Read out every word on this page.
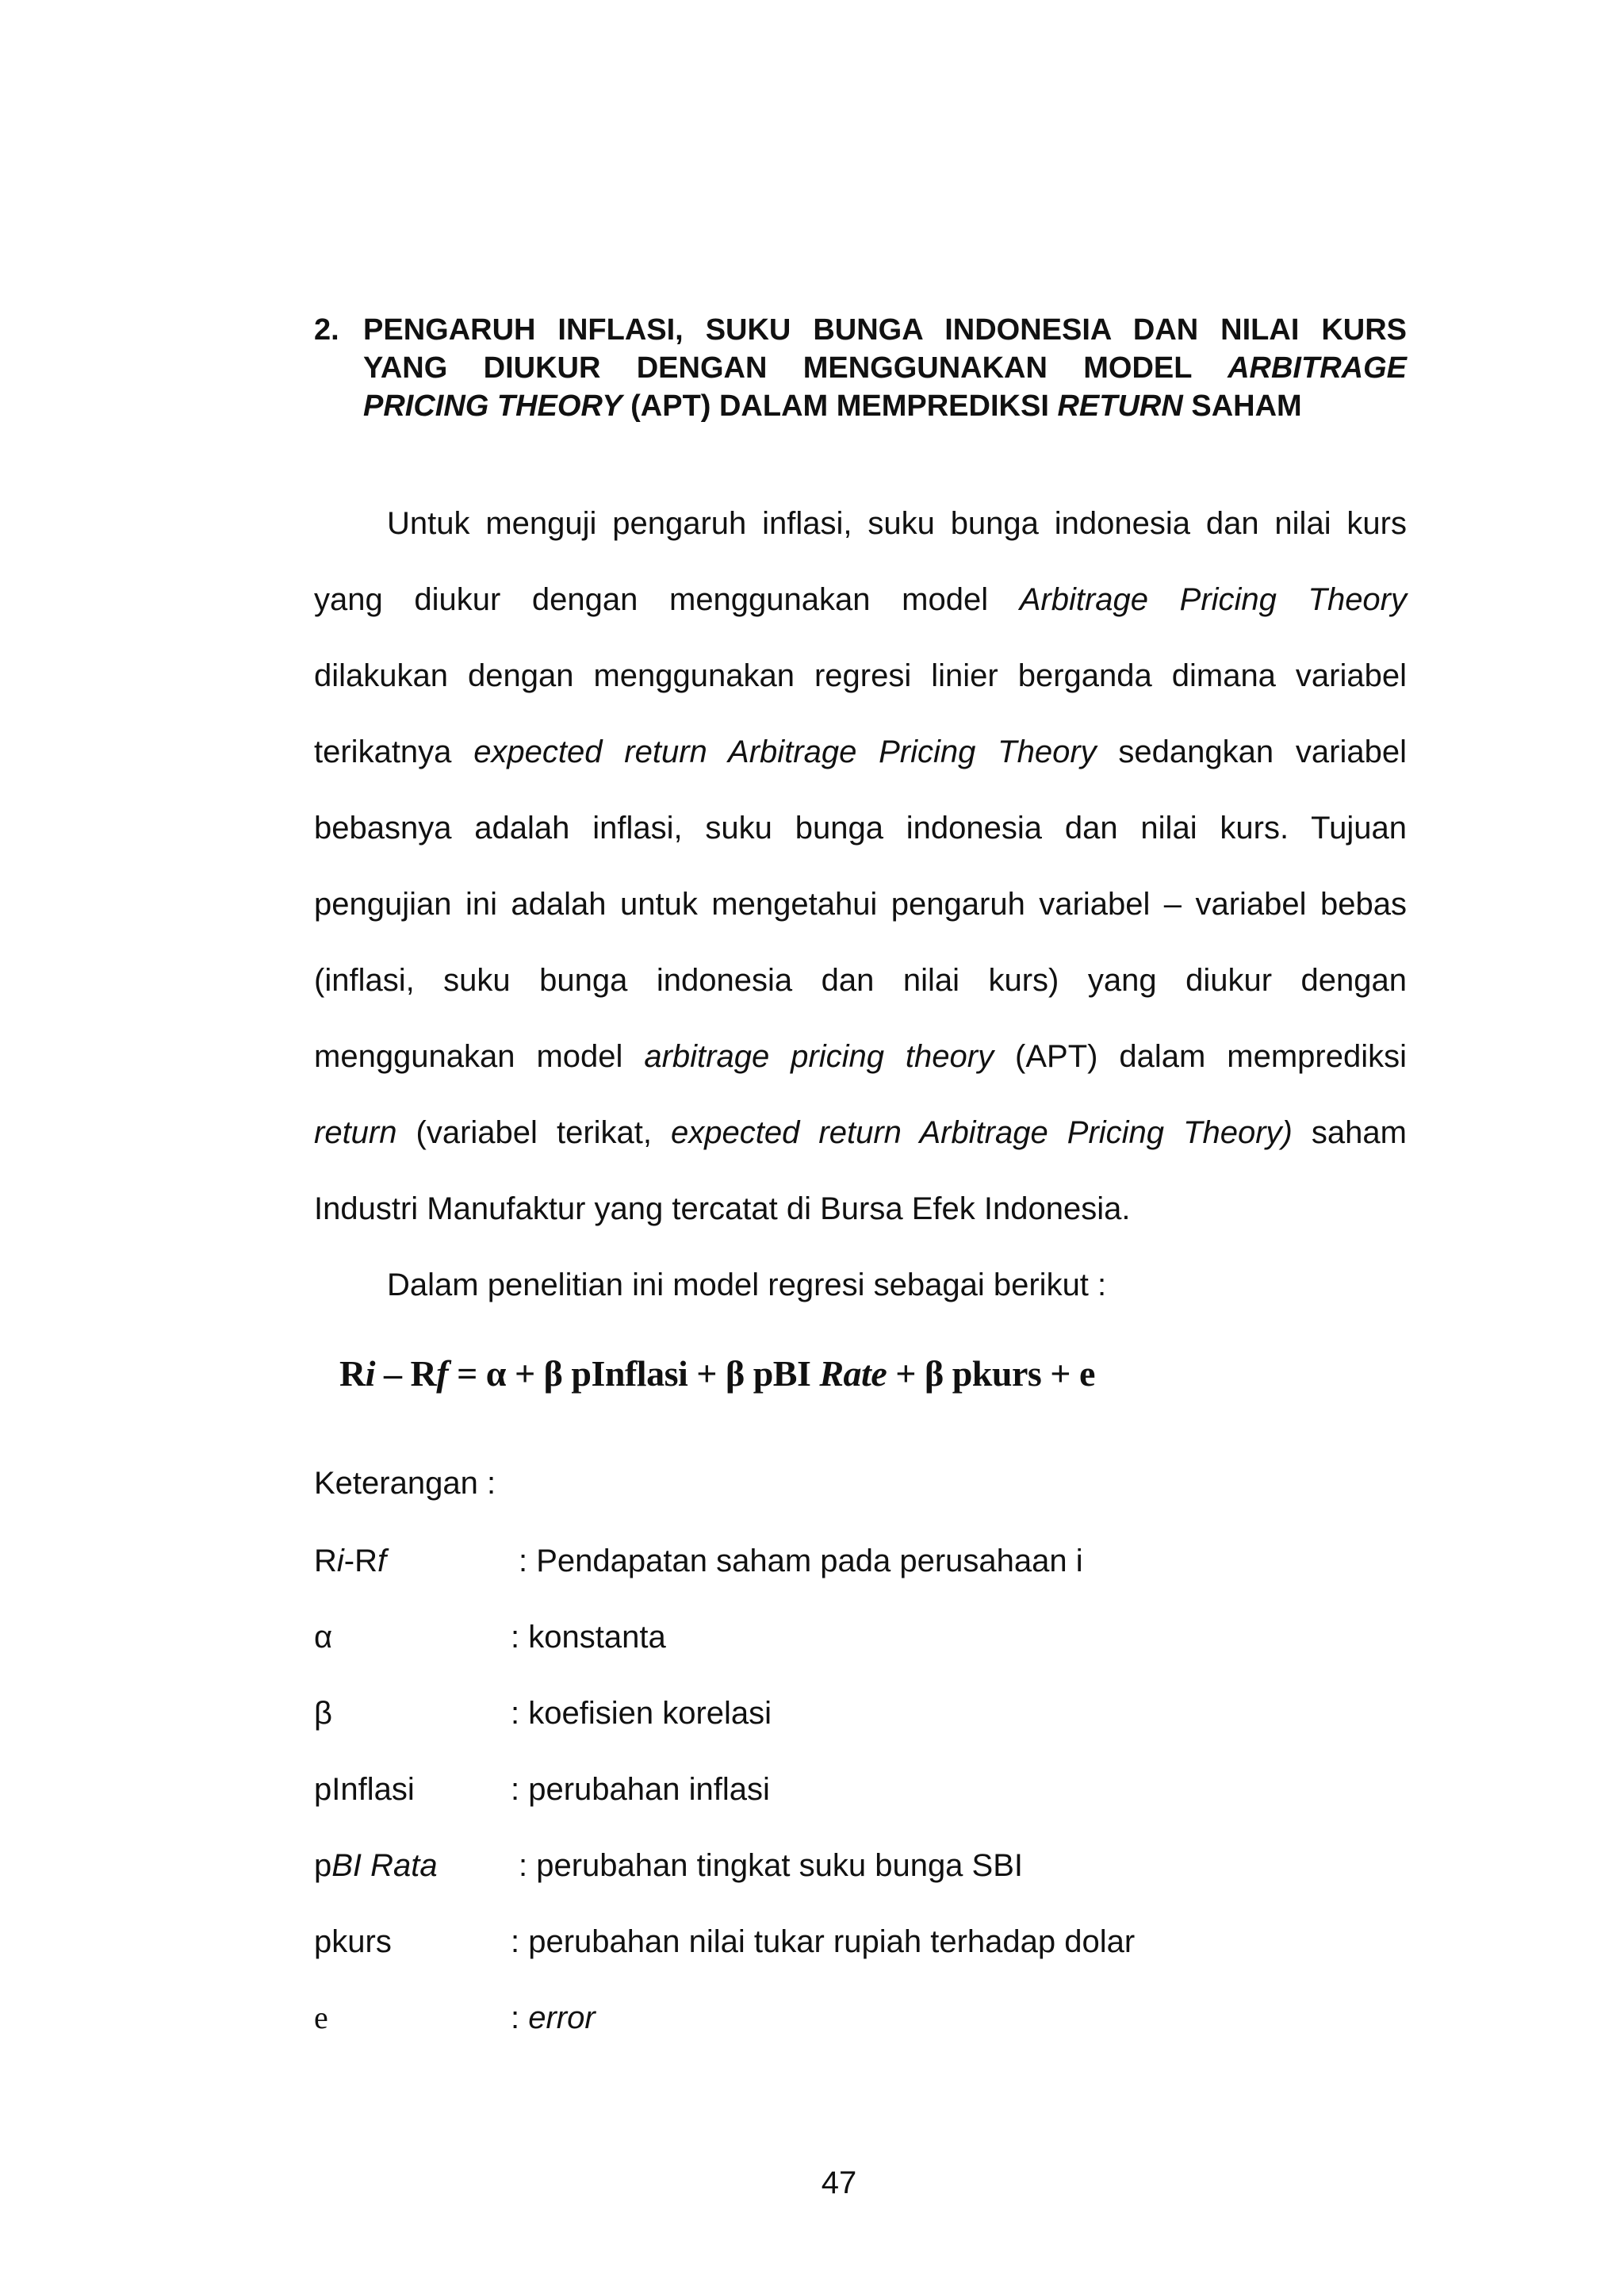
2. PENGARUH INFLASI, SUKU BUNGA INDONESIA DAN NILAI KURS
YANG DIUKUR DENGAN MENGGUNAKAN MODEL ARBITRAGE
PRICING THEORY (APT) DALAM MEMPREDIKSI RETURN SAHAM
Untuk menguji pengaruh inflasi, suku bunga indonesia dan nilai kurs
yang diukur dengan menggunakan model Arbitrage Pricing Theory
dilakukan dengan menggunakan regresi linier berganda dimana variabel
terikatnya expected return Arbitrage Pricing Theory sedangkan variabel
bebasnya adalah inflasi, suku bunga indonesia dan nilai kurs. Tujuan
pengujian ini adalah untuk mengetahui pengaruh variabel – variabel bebas
(inflasi, suku bunga indonesia dan nilai kurs) yang diukur dengan
menggunakan model arbitrage pricing theory (APT) dalam memprediksi
return (variabel terikat, expected return Arbitrage Pricing Theory) saham
Industri Manufaktur yang tercatat di Bursa Efek Indonesia.
Dalam penelitian ini model regresi sebagai berikut :
Ri – Rf = α + β pInflasi + β pBI Rate + β pkurs + e
Keterangan :
Ri-Rf	: Pendapatan saham pada perusahaan i
α	: konstanta
β	: koefisien korelasi
pInflasi	: perubahan inflasi
pBI Rata	: perubahan tingkat suku bunga SBI
pkurs	: perubahan nilai tukar rupiah terhadap dolar
e	: error
47
